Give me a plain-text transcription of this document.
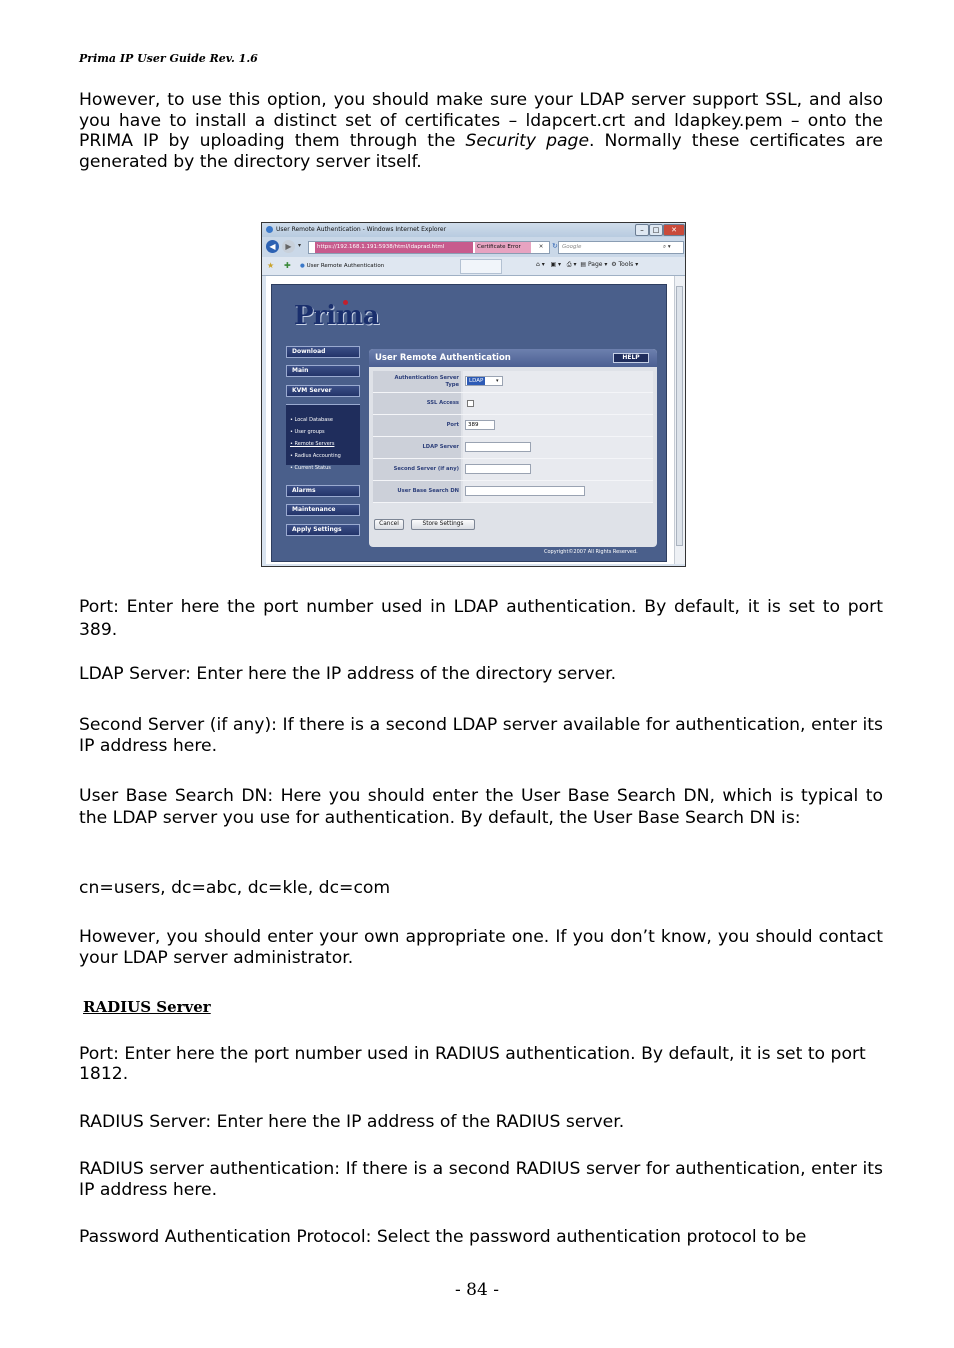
Prima IP User Guide Rev. 1.6
However, to use this option, you should make sure your LDAP server support SSL, and also you have to install a distinct set of certificates – ldapcert.crt and ldapkey.pem – onto the PRIMA IP by uploading them through the Security page. Normally these certificates are generated by the directory server itself.
User Remote Authentication - Windows Internet Explorer	–	□	✕
◀	▶	▾	https://192.168.1.191:5938/html/ldaprad.html	Certificate Error	✕	↻ Google	⌕ ▾
★ ✚ ● User Remote Authentication	⌂ ▾ ▣ ▾ ⎙ ▾ ▤ Page ▾ ⚙ Tools ▾
Prima
Download
Main
KVM Server
• Local Database
• User groups
• Remote Servers
• Radius Accounting
• Current Status
Alarms
Maintenance
Apply Settings
User Remote Authentication	HELP
Authentication Server
Type
LDAP	▾
SSL Access
Port	389
LDAP Server
Second Server (if any)
User Base Search DN
Cancel	Store Settings
Copyright©2007 All Rights Reserved.
Port: Enter here the port number used in LDAP authentication. By default, it is set to port 389.
LDAP Server: Enter here the IP address of the directory server.
Second Server (if any): If there is a second LDAP server available for authentication, enter its IP address here.
User Base Search DN: Here you should enter the User Base Search DN, which is typical to the LDAP server you use for authentication. By default, the User Base Search DN is:
cn=users, dc=abc, dc=kle, dc=com
However, you should enter your own appropriate one. If you don’t know, you should contact your LDAP server administrator.
RADIUS Server
Port: Enter here the port number used in RADIUS authentication. By default, it is set to port 1812.
RADIUS Server: Enter here the IP address of the RADIUS server.
RADIUS server authentication: If there is a second RADIUS server for authentication, enter its IP address here.
Password Authentication Protocol: Select the password authentication protocol to be
- 84 -
